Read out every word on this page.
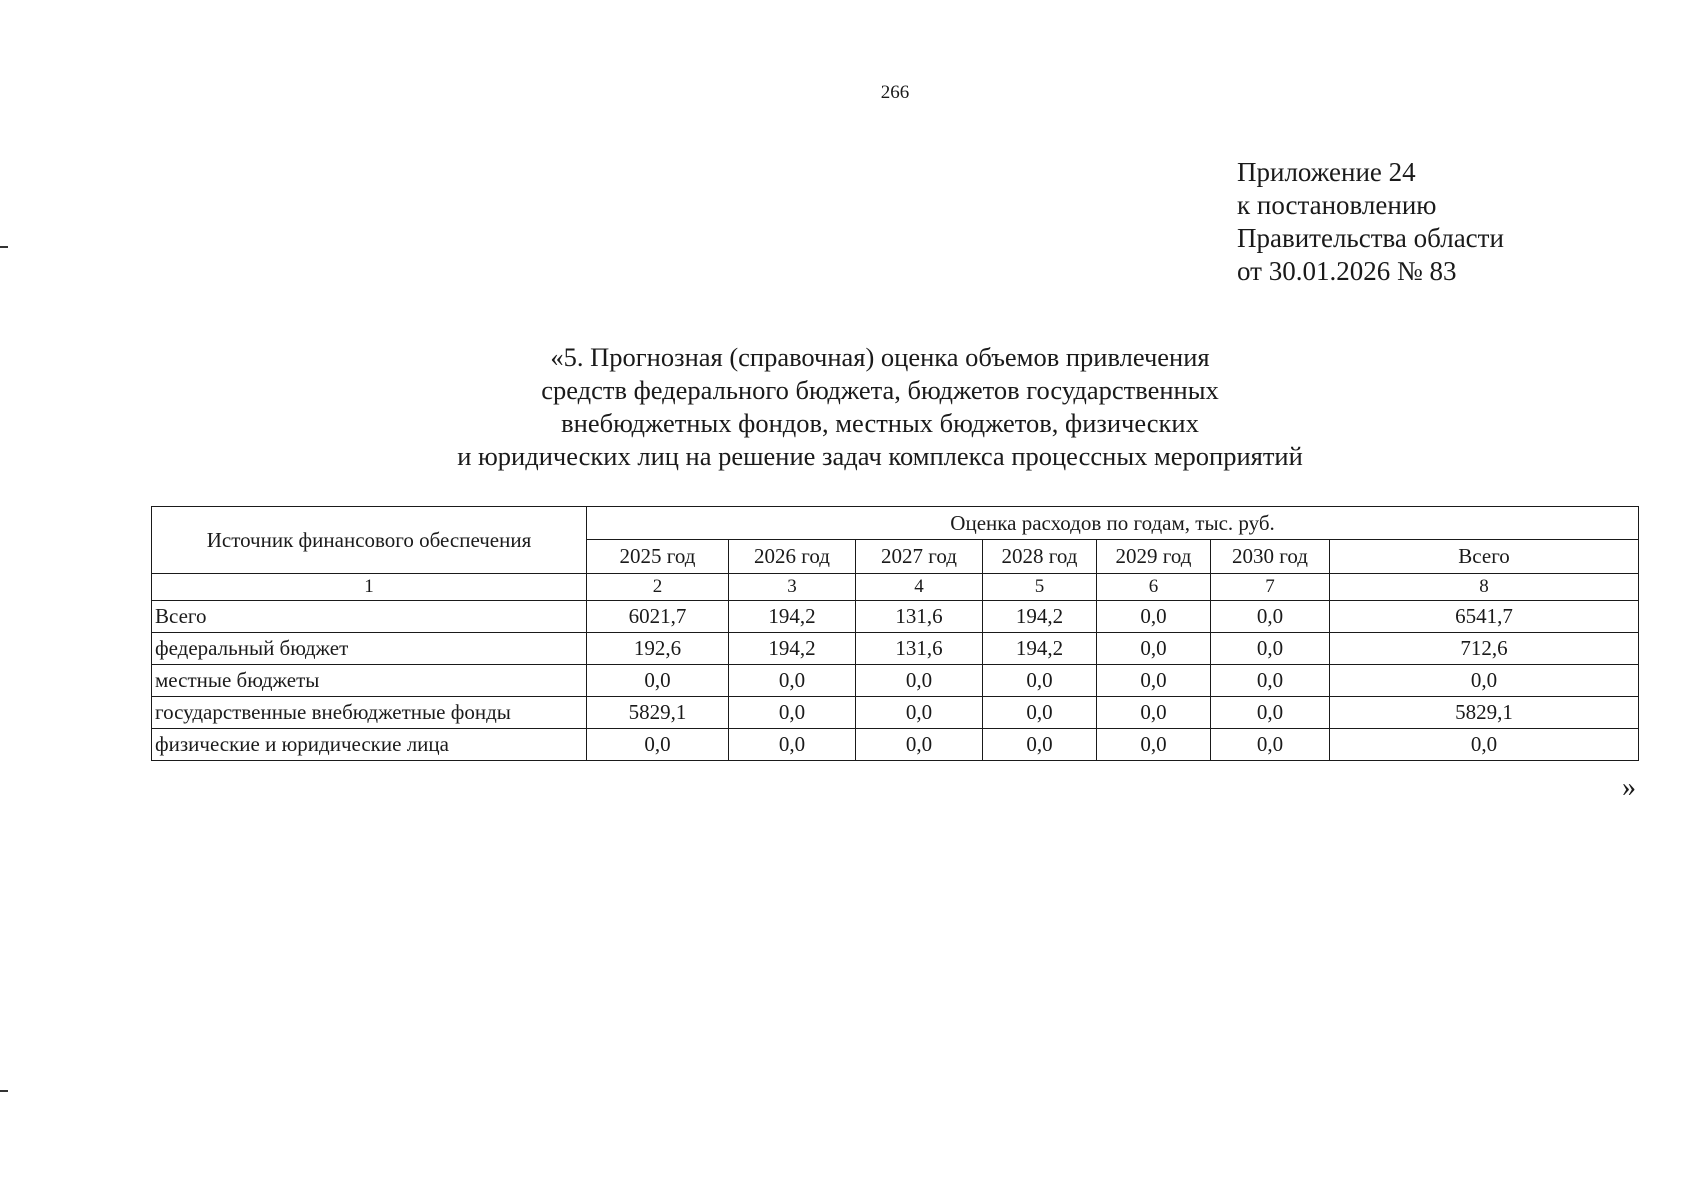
266
Приложение 24
к постановлению
Правительства области
от 30.01.2026 № 83
«5. Прогнозная (справочная) оценка объемов привлечения
средств федерального бюджета, бюджетов государственных
внебюджетных фондов, местных бюджетов, физических
и юридических лиц на решение задач комплекса процессных мероприятий
Источник финансового обеспечения	Оценка расходов по годам, тыс. руб.						
	2025 год	2026 год	2027 год	2028 год	2029 год	2030 год	Всего
1	2	3	4	5	6	7	8
Всего	6021,7	194,2	131,6	194,2	0,0	0,0	6541,7
федеральный бюджет	192,6	194,2	131,6	194,2	0,0	0,0	712,6
местные бюджеты	0,0	0,0	0,0	0,0	0,0	0,0	0,0
государственные внебюджетные фонды	5829,1	0,0	0,0	0,0	0,0	0,0	5829,1
физические и юридические лица	0,0	0,0	0,0	0,0	0,0	0,0	0,0
»
